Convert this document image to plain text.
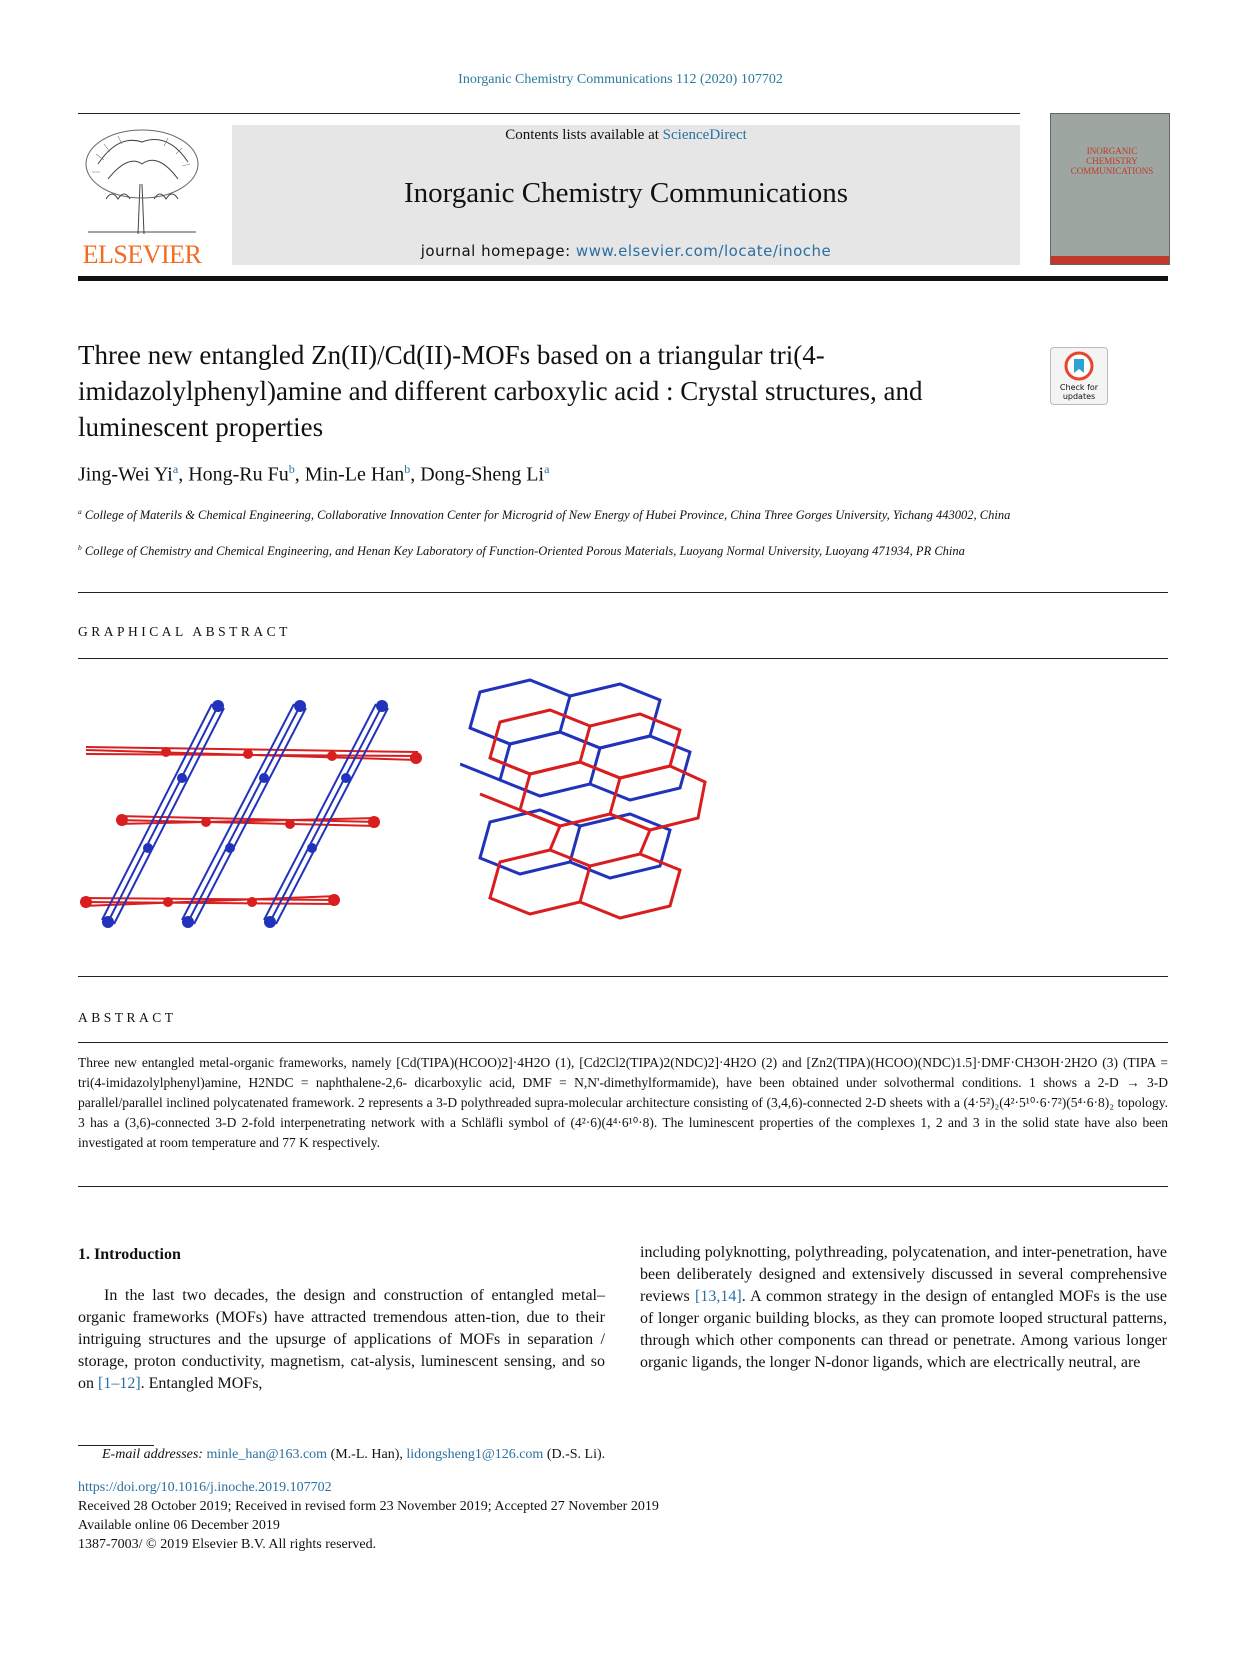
Inorganic Chemistry Communications 112 (2020) 107702
ELSEVIER
Contents lists available at ScienceDirect
Inorganic Chemistry Communications
journal homepage: www.elsevier.com/locate/inoche
INORGANIC CHEMISTRY COMMUNICATIONS
Three new entangled Zn(II)/Cd(II)-MOFs based on a triangular tri(4-imidazolylphenyl)amine and different carboxylic acid : Crystal structures, and luminescent properties
Check for updates
Jing-Wei Yi$^a$, Hong-Ru Fu$^b$, Min-Le Han$^b$, Dong-Sheng Li$^a$
$^a$ College of Materils & Chemical Engineering, Collaborative Innovation Center for Microgrid of New Energy of Hubei Province, China Three Gorges University, Yichang 443002, China
$^b$ College of Chemistry and Chemical Engineering, and Henan Key Laboratory of Function-Oriented Porous Materials, Luoyang Normal University, Luoyang 471934, PR China
GRAPHICAL ABSTRACT
ABSTRACT
Three new entangled metal-organic frameworks, namely [Cd(TIPA)(HCOO)2]·4H2O (1), [Cd2Cl2(TIPA)2(NDC)2]·4H2O (2) and [Zn2(TIPA)(HCOO)(NDC)1.5]·DMF·CH3OH·2H2O (3) (TIPA = tri(4-imidazolylphenyl)amine, H2NDC = naphthalene-2,6- dicarboxylic acid, DMF = N,N'-dimethylformamide), have been obtained under solvothermal conditions. 1 shows a 2-D → 3-D parallel/parallel inclined polycatenated framework. 2 represents a 3-D polythreaded supra-molecular architecture consisting of (3,4,6)-connected 2-D sheets with a (4·5²)₂(4²·5¹⁰·6·7²)(5⁴·6·8)₂ topology. 3 has a (3,6)-connected 3-D 2-fold interpenetrating network with a Schläfli symbol of (4²·6)(4⁴·6¹⁰·8). The luminescent properties of the complexes 1, 2 and 3 in the solid state have also been investigated at room temperature and 77 K respectively.
1. Introduction
In the last two decades, the design and construction of entangled metal–organic frameworks (MOFs) have attracted tremendous atten-tion, due to their intriguing structures and the upsurge of applications of MOFs in separation / storage, proton conductivity, magnetism, cat-alysis, luminescent sensing, and so on [1–12]. Entangled MOFs,
including polyknotting, polythreading, polycatenation, and inter-penetration, have been deliberately designed and extensively discussed in several comprehensive reviews [13,14]. A common strategy in the design of entangled MOFs is the use of longer organic building blocks, as they can promote looped structural patterns, through which other components can thread or penetrate. Among various longer organic ligands, the longer N-donor ligands, which are electrically neutral, are
E-mail addresses: minle_han@163.com (M.-L. Han), lidongsheng1@126.com (D.-S. Li).
https://doi.org/10.1016/j.inoche.2019.107702
Received 28 October 2019; Received in revised form 23 November 2019; Accepted 27 November 2019
Available online 06 December 2019
1387-7003/ © 2019 Elsevier B.V. All rights reserved.
